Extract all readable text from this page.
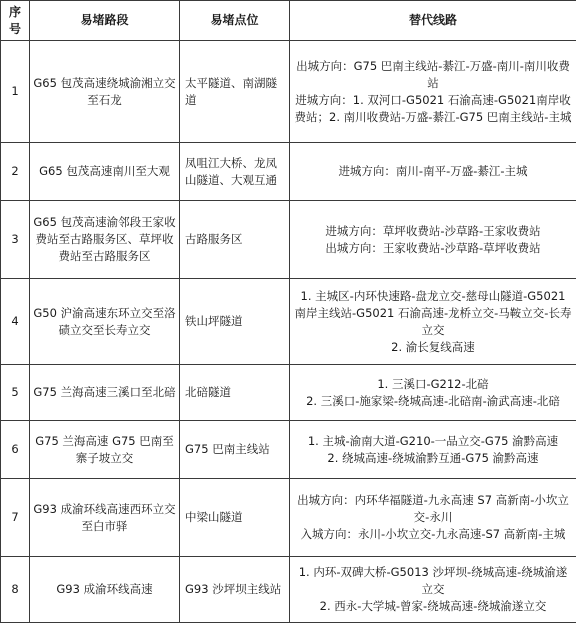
序号	易堵路段	易堵点位	替代线路
1	G65 包茂高速绕城渝湘立交至石龙	太平隧道、南湖隧道	出城方向：G75 巴南主线站-綦江-万盛-南川-南川收费站
进城方向：1. 双河口-G5021 石渝高速-G5021南岸收费站；2. 南川收费站-万盛-綦江-G75 巴南主线站-主城

2	G65 包茂高速南川至大观	凤咀江大桥、龙凤山隧道、大观互通	进城方向：南川-南平-万盛-綦江-主城

3	G65 包茂高速渝邻段王家收费站至古路服务区、草坪收费站至古路服务区	古路服务区	进城方向：草坪收费站-沙草路-王家收费站
出城方向：王家收费站-沙草路-草坪收费站

4	G50 沪渝高速东环立交至洛碛立交至长寿立交	铁山坪隧道	1. 主城区-内环快速路-盘龙立交-慈母山隧道-G5021 南岸主线站-G5021 石渝高速-龙桥立交-马鞍立交-长寿立交
2. 渝长复线高速

5	G75 兰海高速三溪口至北碚	北碚隧道	1. 三溪口-G212-北碚
2. 三溪口-施家梁-绕城高速-北碚南-渝武高速-北碚

6	G75 兰海高速 G75 巴南至寨子坡立交	G75 巴南主线站	1. 主城-渝南大道-G210-一品立交-G75 渝黔高速
2. 绕城高速-绕城渝黔互通-G75 渝黔高速

7	G93 成渝环线高速西环立交至白市驿	中梁山隧道	出城方向：内环华福隧道-九永高速 S7 高新南-小坎立交-永川
入城方向：永川-小坎立交-九永高速-S7 高新南-主城

8	G93 成渝环线高速	G93 沙坪坝主线站	1. 内环-双碑大桥-G5013 沙坪坝-绕城高速-绕城渝遂立交
2. 西永-大学城-曾家-绕城高速-绕城渝遂立交
